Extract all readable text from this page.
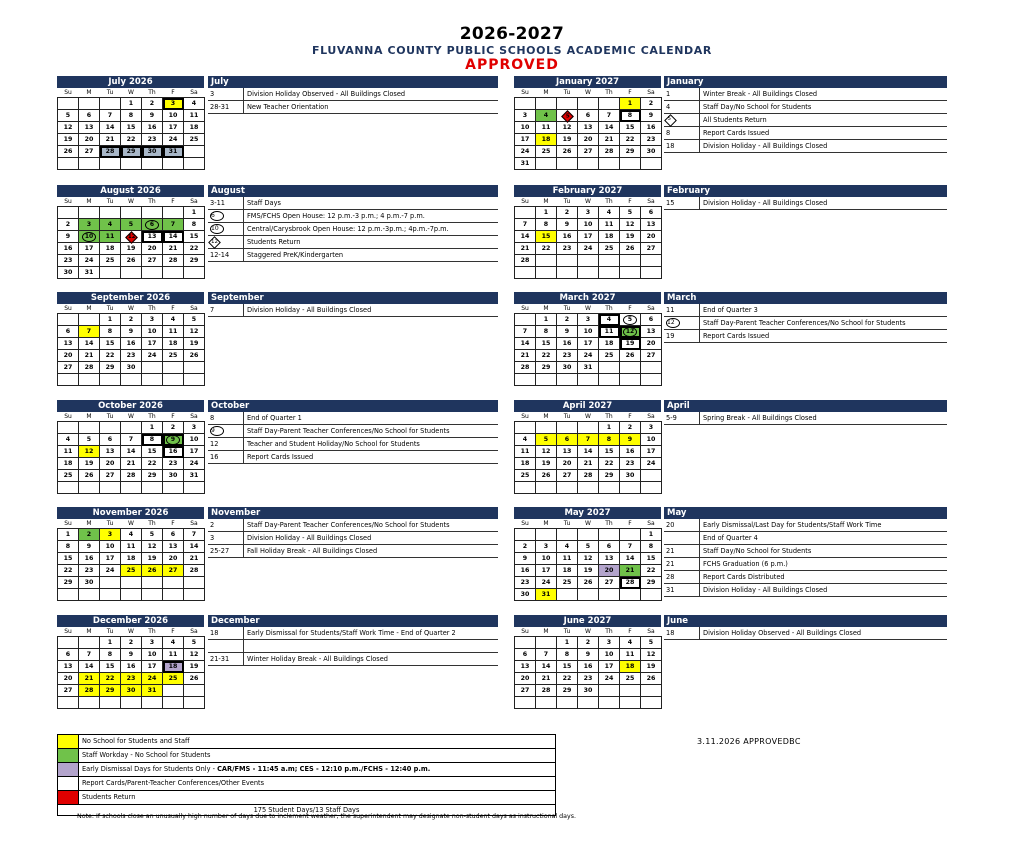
2026-2027
FLUVANNA COUNTY PUBLIC SCHOOLS ACADEMIC CALENDAR
APPROVED
July 2026
Su	M	Tu	W	Th	F	Sa
			1	2	3	4
5	6	7	8	9	10	11
12	13	14	15	16	17	18
19	20	21	22	23	24	25
26	27	28	29	30	31	

August 2026
Su	M	Tu	W	Th	F	Sa
						1
2	3	4	5	6	7	8
9	10	11	12	13	14	15
16	17	18	19	20	21	22
23	24	25	26	27	28	29
30	31					
September 2026
Su	M	Tu	W	Th	F	Sa
		1	2	3	4	5
6	7	8	9	10	11	12
13	14	15	16	17	18	19
20	21	22	23	24	25	26
27	28	29	30			

October 2026
Su	M	Tu	W	Th	F	Sa
				1	2	3
4	5	6	7	8	9	10
11	12	13	14	15	16	17
18	19	20	21	22	23	24
25	26	27	28	29	30	31

November 2026
Su	M	Tu	W	Th	F	Sa
1	2	3	4	5	6	7
8	9	10	11	12	13	14
15	16	17	18	19	20	21
22	23	24	25	26	27	28
29	30					

December 2026
Su	M	Tu	W	Th	F	Sa
		1	2	3	4	5
6	7	8	9	10	11	12
13	14	15	16	17	18	19
20	21	22	23	24	25	26
27	28	29	30	31		

January 2027
Su	M	Tu	W	Th	F	Sa
					1	2
3	4	5	6	7	8	9
10	11	12	13	14	15	16
17	18	19	20	21	22	23
24	25	26	27	28	29	30
31						
February 2027
Su	M	Tu	W	Th	F	Sa
	1	2	3	4	5	6
7	8	9	10	11	12	13
14	15	16	17	18	19	20
21	22	23	24	25	26	27
28						

March 2027
Su	M	Tu	W	Th	F	Sa
	1	2	3	4	5	6
7	8	9	10	11	12	13
14	15	16	17	18	19	20
21	22	23	24	25	26	27
28	29	30	31			

April 2027
Su	M	Tu	W	Th	F	Sa
				1	2	3
4	5	6	7	8	9	10
11	12	13	14	15	16	17
18	19	20	21	22	23	24
25	26	27	28	29	30	

May 2027
Su	M	Tu	W	Th	F	Sa
						1
2	3	4	5	6	7	8
9	10	11	12	13	14	15
16	17	18	19	20	21	22
23	24	25	26	27	28	29
30	31					
June 2027
Su	M	Tu	W	Th	F	Sa
		1	2	3	4	5
6	7	8	9	10	11	12
13	14	15	16	17	18	19
20	21	22	23	24	25	26
27	28	29	30			

July
3	Division Holiday Observed - All Buildings Closed
28-31	New Teacher Orientation
August
3-11	Staff Days
6	FMS/FCHS Open House: 12 p.m.-3 p.m.; 4 p.m.-7 p.m.
10	Central/Carysbrook Open House: 12 p.m.-3p.m.; 4p.m.-7p.m.
12	Students Return
12-14	Staggered PreK/Kindergarten
September
7	Division Holiday - All Buildings Closed
October
8	End of Quarter 1
9	Staff Day-Parent Teacher Conferences/No School for Students
12	Teacher and Student Holiday/No School for Students
16	Report Cards Issued
November
2	Staff Day-Parent Teacher Conferences/No School for Students
3	Division Holiday - All Buildings Closed
25-27	Fall Holiday Break - All Buildings Closed
December
18	Early Dismissal for Students/Staff Work Time - End of Quarter 2
21-31	Winter Holiday Break - All Buildings Closed
January
1	Winter Break - All Buildings Closed
4	Staff Day/No School for Students
5	All Students Return
8	Report Cards Issued
18	Division Holiday - All Buildings Closed
February
15	Division Holiday - All Buildings Closed
March
11	End of Quarter 3
12	Staff Day-Parent Teacher Conferences/No School for Students
19	Report Cards Issued
April
5-9	Spring Break - All Buildings Closed
May
20	Early Dismissal/Last Day for Students/Staff Work Time
End of Quarter 4
21	Staff Day/No School for Students
21	FCHS Graduation (6 p.m.)
28	Report Cards Distributed
31	Division Holiday - All Buildings Closed
June
18	Division Holiday Observed - All Buildings Closed
No School for Students and Staff
Staff Workday - No School for Students
Early Dismissal Days for Students Only - CAR/FMS - 11:45 a.m; CES - 12:10 p.m./FCHS - 12:40 p.m.
Report Cards/Parent-Teacher Conferences/Other Events
Students Return
175 Student Days/13 Staff Days
3.11.2026 APPROVEDBC
Note: If schools close an unusually high number of days due to inclement weather, the superintendent may designate non-student days as instructional days.
